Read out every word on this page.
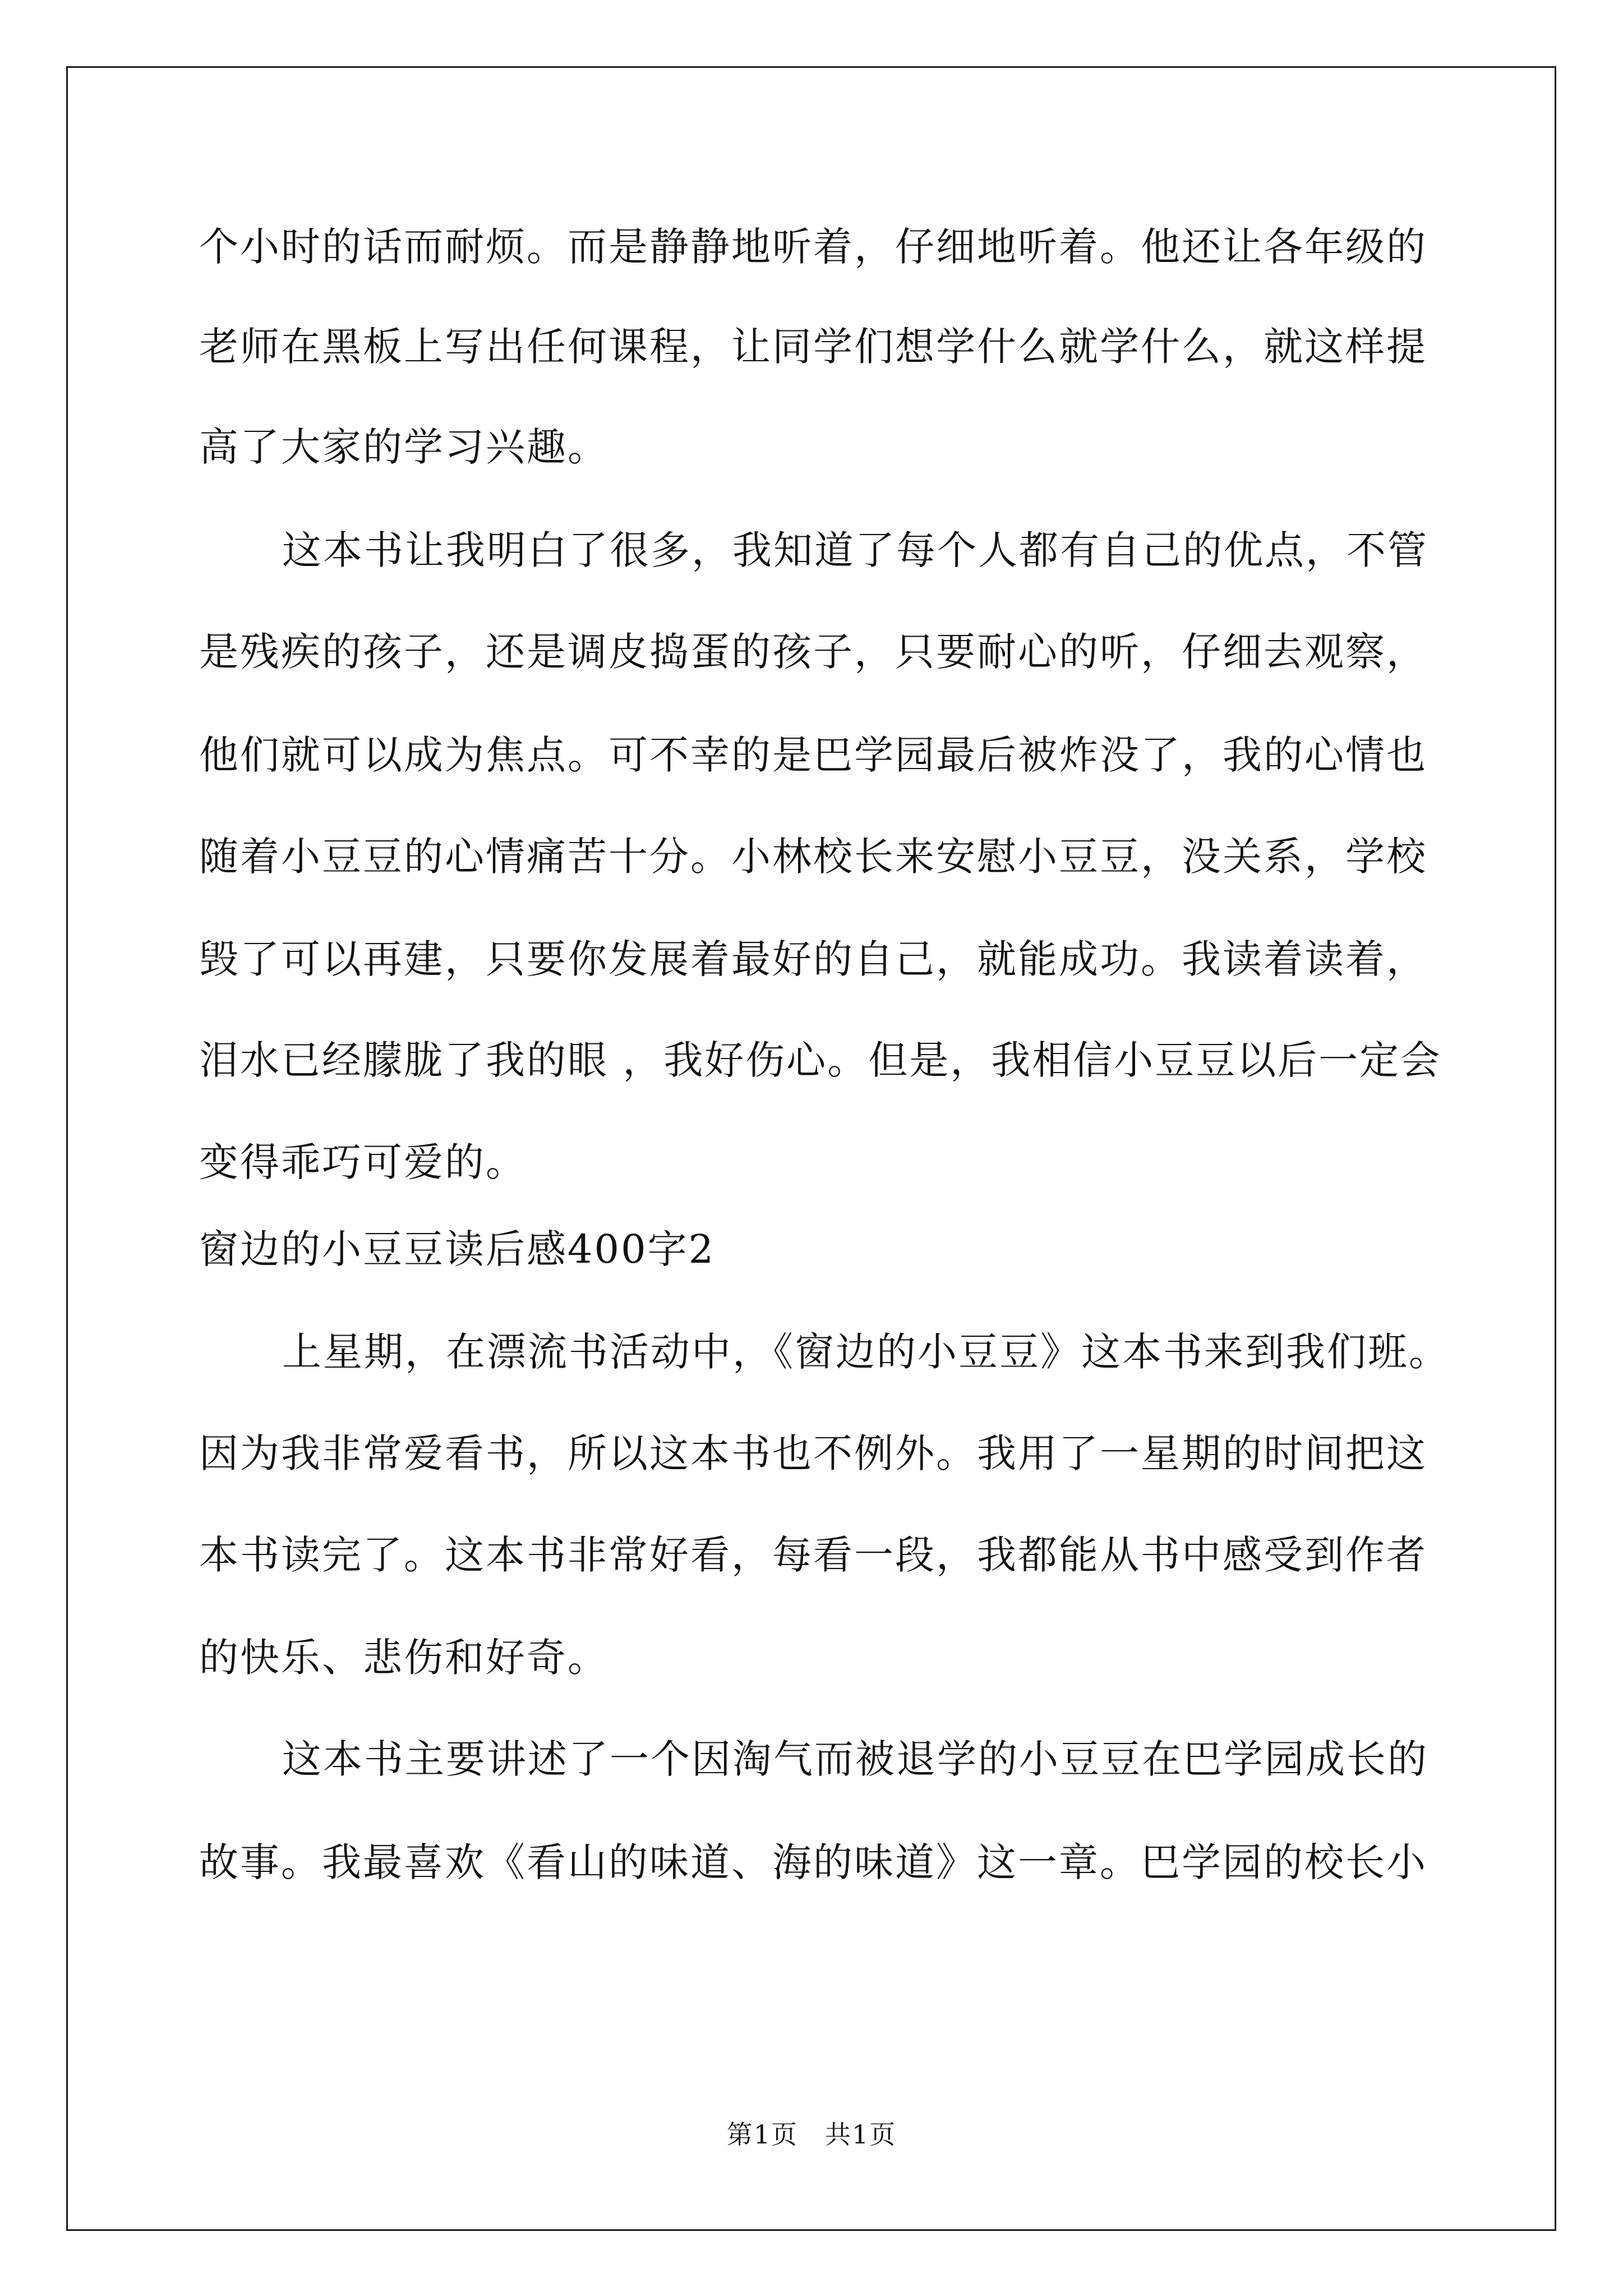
个小时的话而耐烦。而是静静地听着，仔细地听着。他还让各年级的
老师在黑板上写出任何课程，让同学们想学什么就学什么，就这样提
高了大家的学习兴趣。
这本书让我明白了很多，我知道了每个人都有自己的优点，不管
是残疾的孩子，还是调皮捣蛋的孩子，只要耐心的听，仔细去观察，
他们就可以成为焦点。可不幸的是巴学园最后被炸没了，我的心情也
随着小豆豆的心情痛苦十分。小林校长来安慰小豆豆，没关系，学校
毁了可以再建，只要你发展着最好的自己，就能成功。我读着读着，
泪水已经朦胧了我的眼 ，我好伤心。但是，我相信小豆豆以后一定会
变得乖巧可爱的。
窗边的小豆豆读后感400字2
上星期，在漂流书活动中，《窗边的小豆豆》这本书来到我们班。
因为我非常爱看书，所以这本书也不例外。我用了一星期的时间把这
本书读完了。这本书非常好看，每看一段，我都能从书中感受到作者
的快乐、悲伤和好奇。
这本书主要讲述了一个因淘气而被退学的小豆豆在巴学园成长的
故事。我最喜欢《看山的味道、海的味道》这一章。巴学园的校长小
第1页　共1页
